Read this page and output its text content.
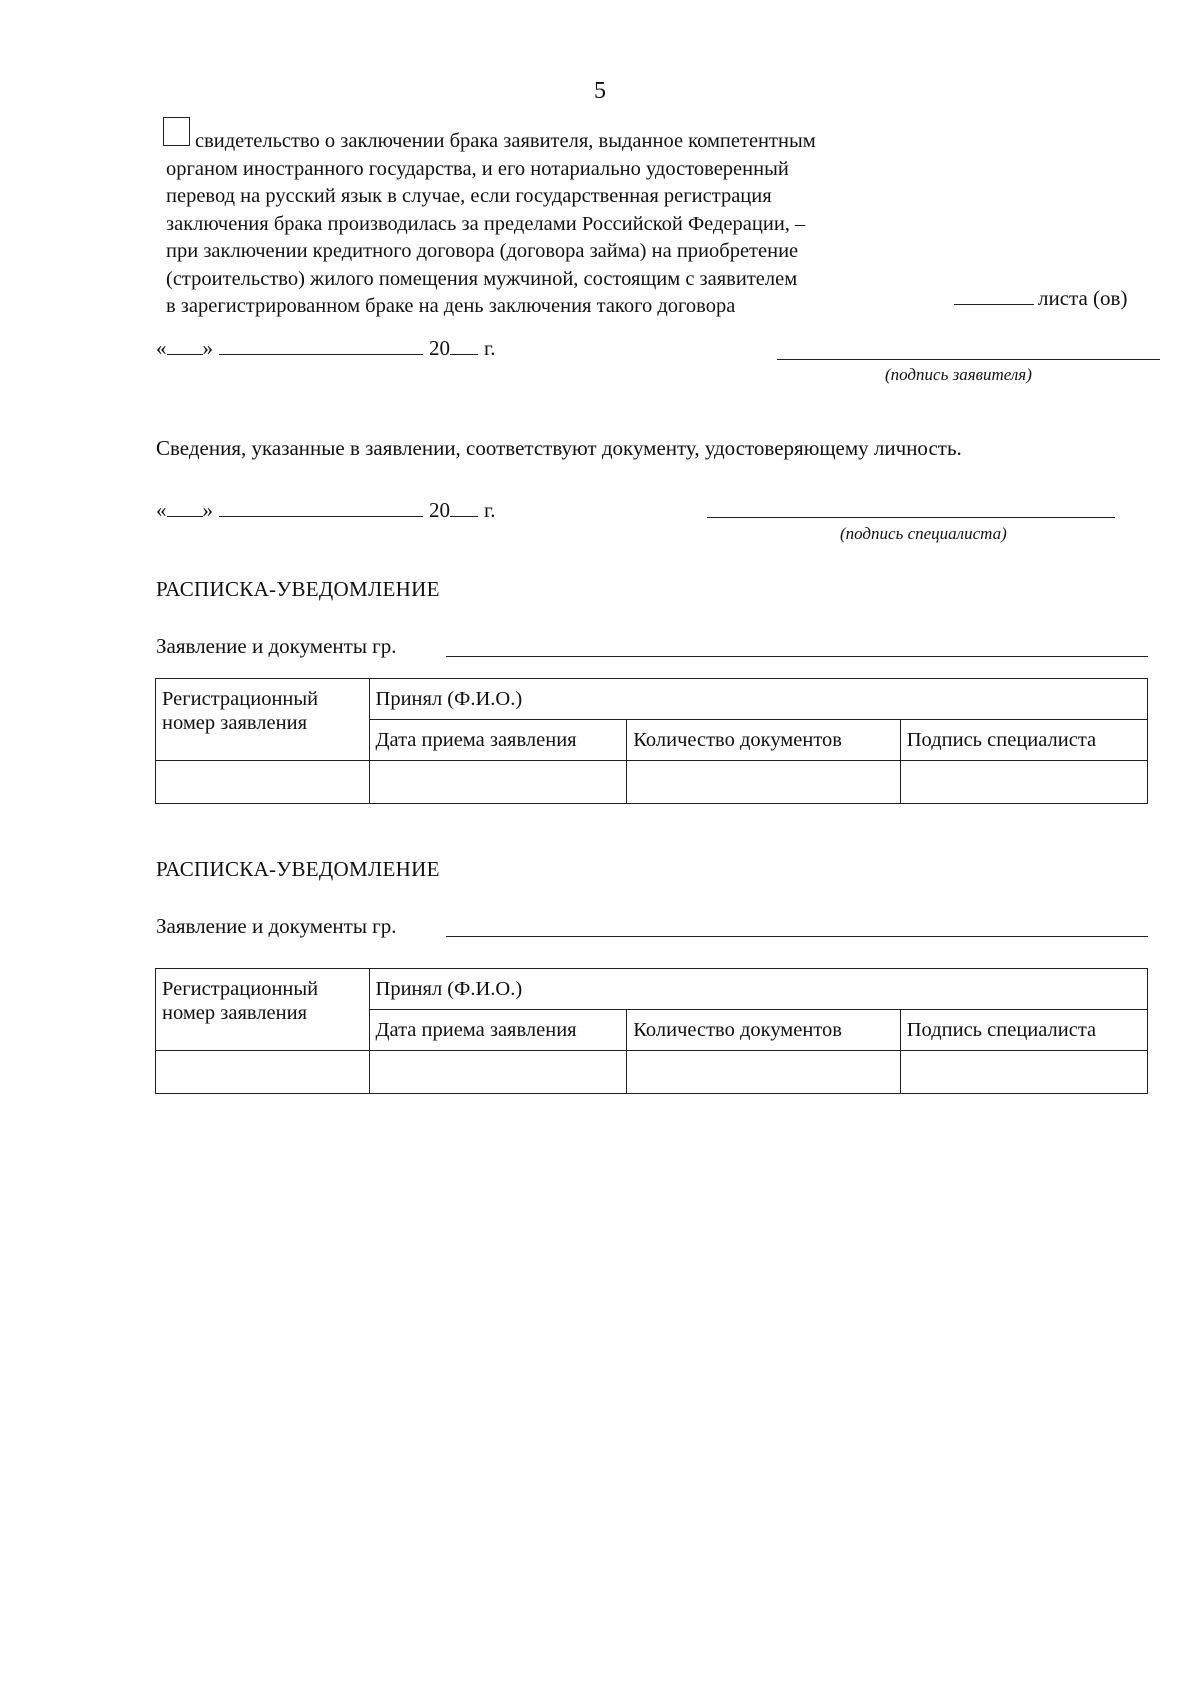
5
свидетельство о заключении брака заявителя, выданное компетентным
органом иностранного государства, и его нотариально удостоверенный
перевод на русский язык в случае, если государственная регистрация
заключения брака производилась за пределами Российской Федерации, –
при заключении кредитного договора (договора займа) на приобретение
(строительство) жилого помещения мужчиной, состоящим с заявителем
в зарегистрированном браке на день заключения такого договора	листа (ов)
« »	20 г.
(подпись заявителя)
Сведения, указанные в заявлении, соответствуют документу, удостоверяющему личность.
« »	20 г.
(подпись специалиста)
РАСПИСКА-УВЕДОМЛЕНИЕ
Заявление и документы гр.
Регистрационный номер заявления	Принял (Ф.И.О.)		
	Дата приема заявления	Количество документов	Подпись специалиста

РАСПИСКА-УВЕДОМЛЕНИЕ
Заявление и документы гр.
Регистрационный номер заявления	Принял (Ф.И.О.)		
	Дата приема заявления	Количество документов	Подпись специалиста
